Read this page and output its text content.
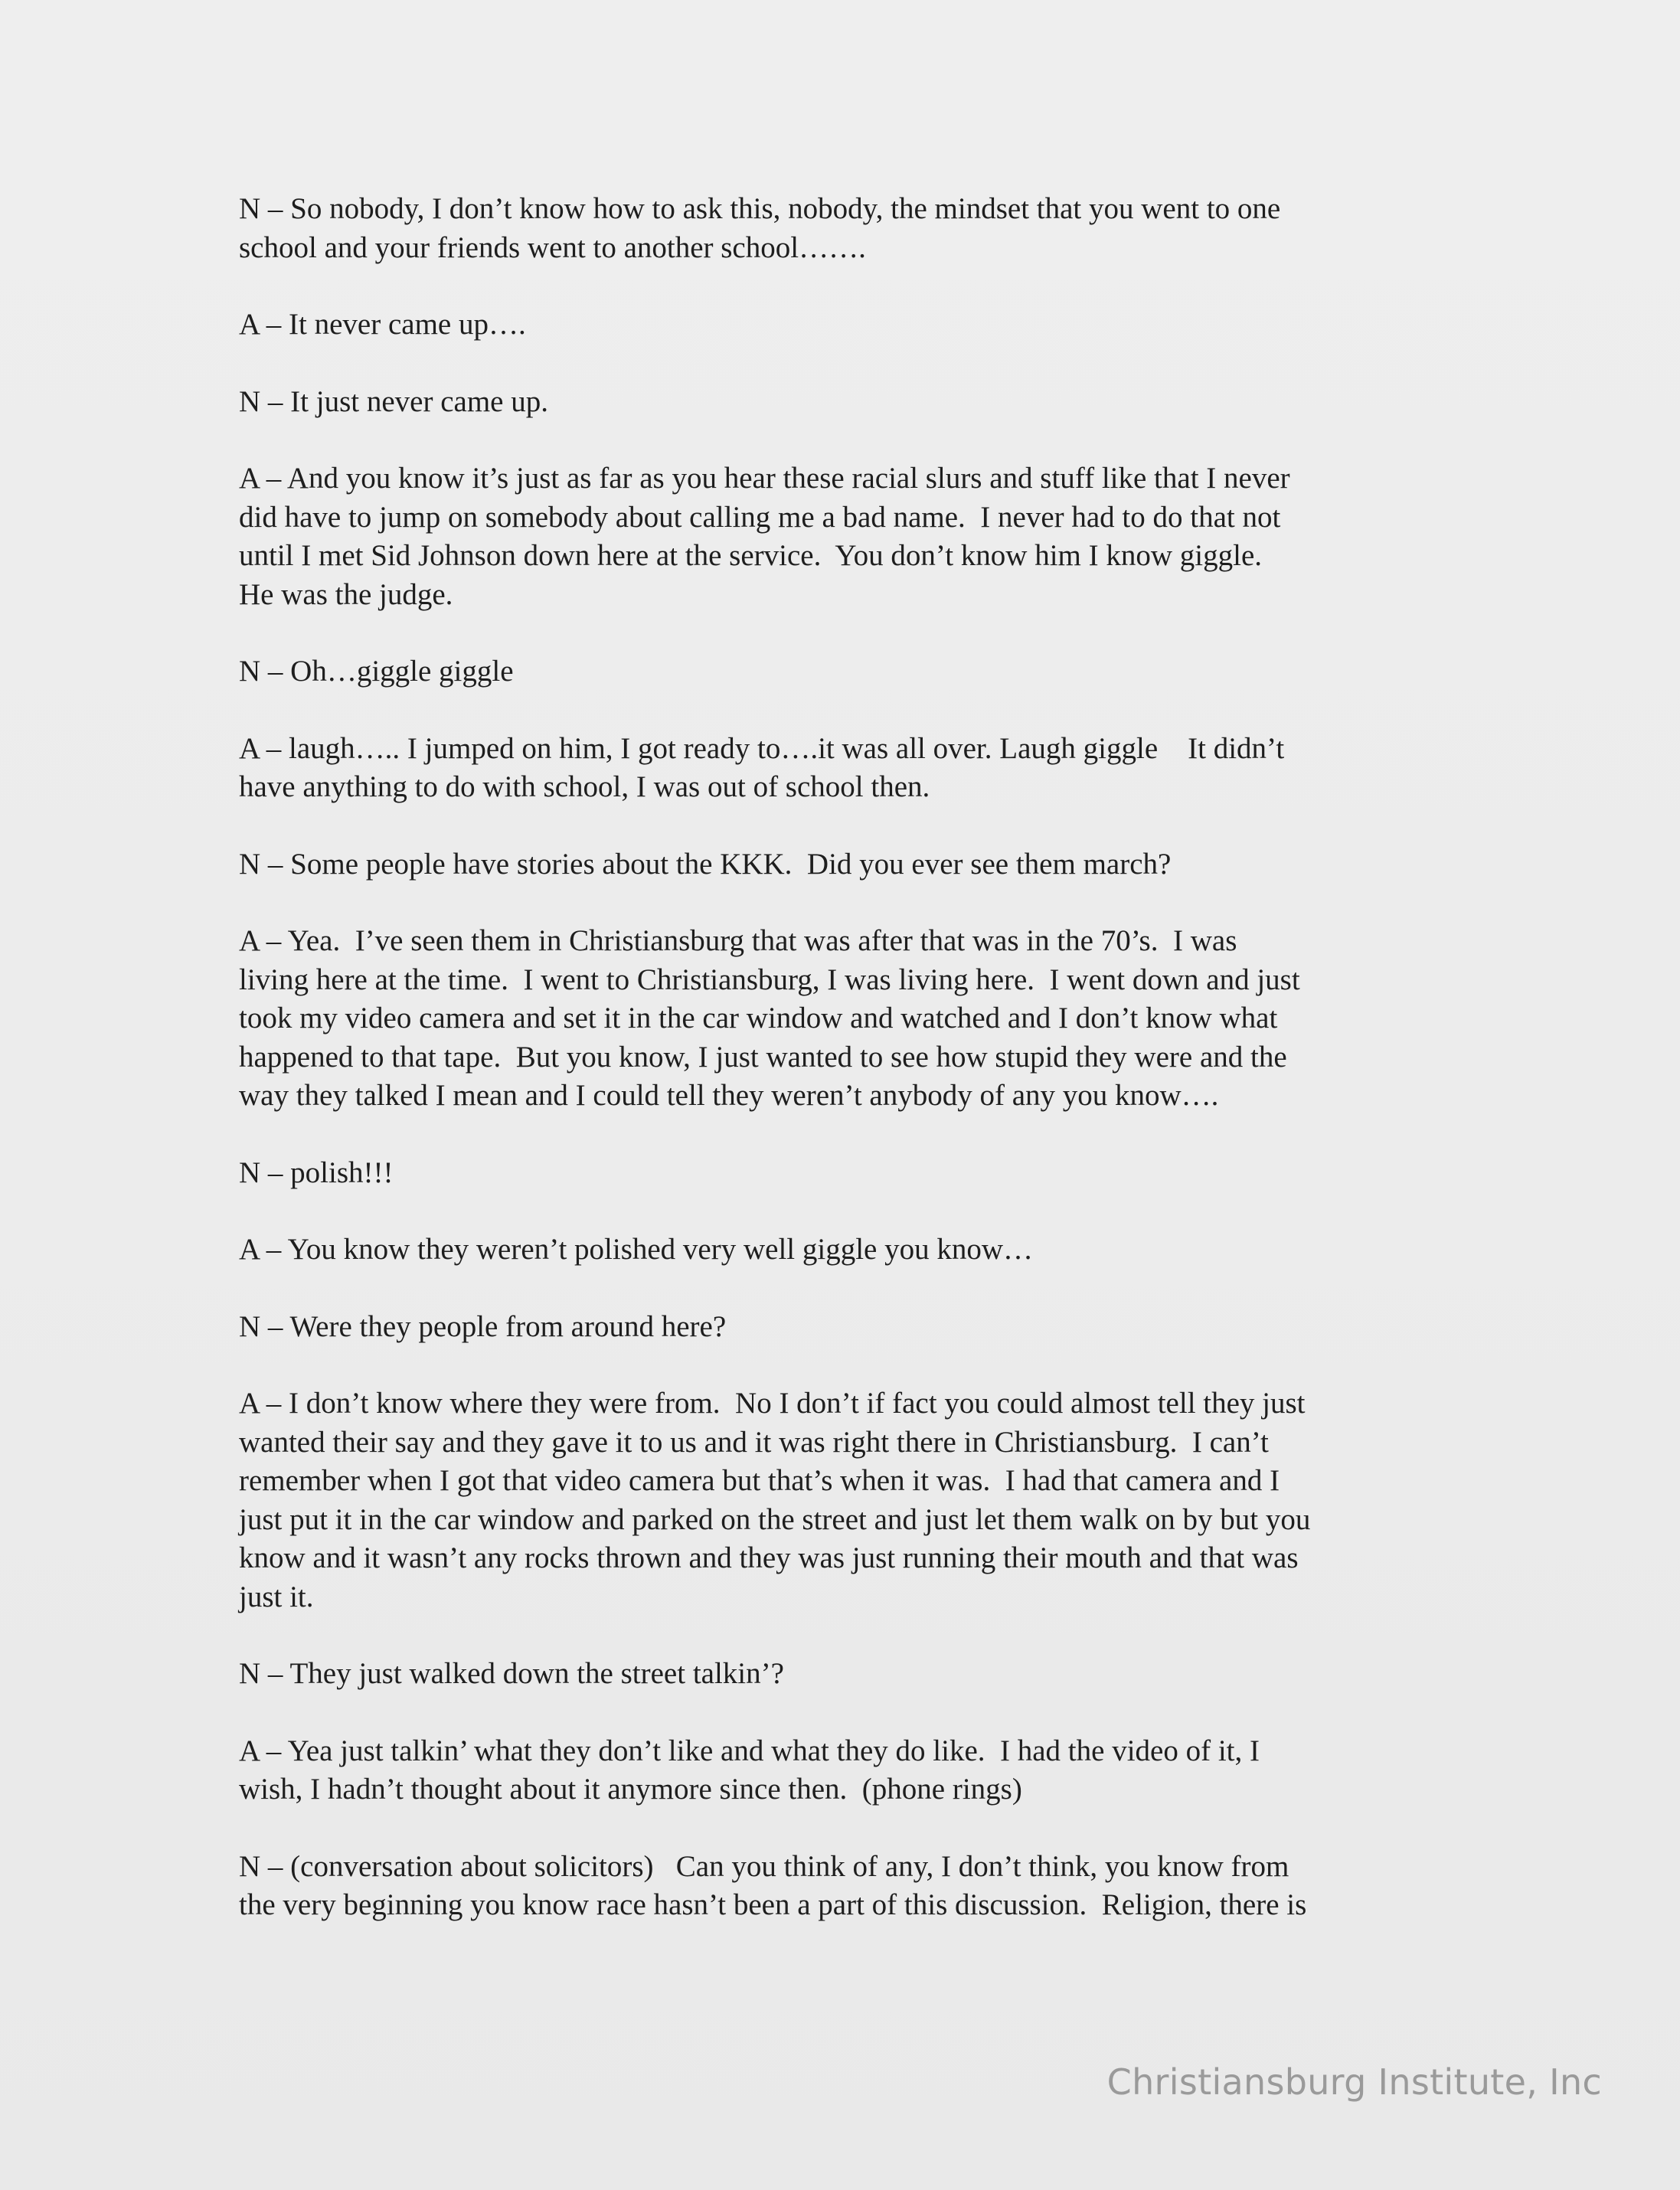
N – So nobody, I don’t know how to ask this, nobody, the mindset that you went to one
school and your friends went to another school…….
A – It never came up….
N – It just never came up.
A – And you know it’s just as far as you hear these racial slurs and stuff like that I never
did have to jump on somebody about calling me a bad name.  I never had to do that not
until I met Sid Johnson down here at the service.  You don’t know him I know giggle.
He was the judge.
N – Oh…giggle giggle
A – laugh….. I jumped on him, I got ready to….it was all over. Laugh giggle    It didn’t
have anything to do with school, I was out of school then.
N – Some people have stories about the KKK.  Did you ever see them march?
A – Yea.  I’ve seen them in Christiansburg that was after that was in the 70’s.  I was
living here at the time.  I went to Christiansburg, I was living here.  I went down and just
took my video camera and set it in the car window and watched and I don’t know what
happened to that tape.  But you know, I just wanted to see how stupid they were and the
way they talked I mean and I could tell they weren’t anybody of any you know….
N – polish!!!
A – You know they weren’t polished very well giggle you know…
N – Were they people from around here?
A – I don’t know where they were from.  No I don’t if fact you could almost tell they just
wanted their say and they gave it to us and it was right there in Christiansburg.  I can’t
remember when I got that video camera but that’s when it was.  I had that camera and I
just put it in the car window and parked on the street and just let them walk on by but you
know and it wasn’t any rocks thrown and they was just running their mouth and that was
just it.
N – They just walked down the street talkin’?
A – Yea just talkin’ what they don’t like and what they do like.  I had the video of it, I
wish, I hadn’t thought about it anymore since then.  (phone rings)
N – (conversation about solicitors)   Can you think of any, I don’t think, you know from
the very beginning you know race hasn’t been a part of this discussion.  Religion, there is
Christiansburg Institute, Inc
